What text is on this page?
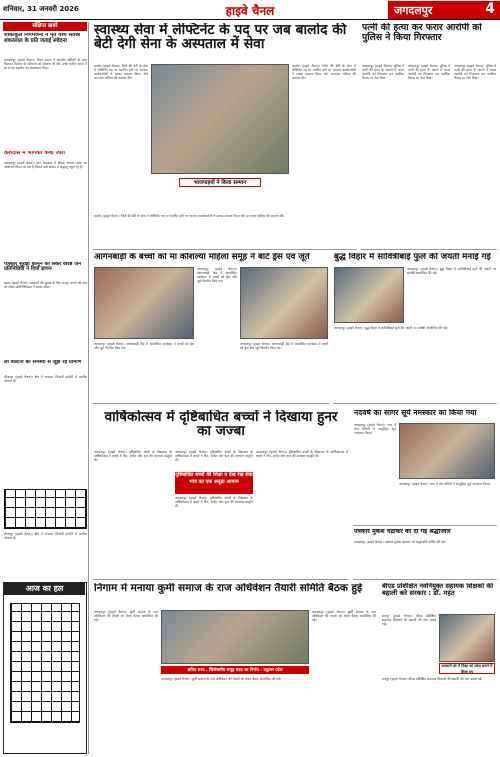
शनिवार, 31 जनवरी 2026	हाइवे चैनल	जगदलपुर	4
संक्षिप्त खबरें
शोकाकुल निगमजनों ने मृत वैश्य सर्वश्री शंकरलाल के प्रति जताई संवेदना
जगदलपुर (हाइवे चैनल)। निगम स्टाफ ने स्थानीय श्रमिकों के साथ मिलकर दिवंगत के परिजनों को सांत्वना दी और उनके कठिन समय में हर संभव सहयोग का आश्वासन दिया।
केशदास में भागवत कथा जारी
जगदलपुर (हाइवे चैनल)। ग्राम केशदास में श्रीमद् भागवत कथा का आयोजन किया जा रहा है जिसमें बड़ी संख्या में श्रद्धालु पहुंच रहे हैं।
पत्रकार सुरक्षा कानून को लेकर वरिष्ठ जन प्रतिनिधियों ने दिया ज्ञापन
बस्तर (हाइवे चैनल)। पत्रकारों की सुरक्षा के लिए कानून बनाने की मांग को लेकर प्रतिनिधिमंडल ने ज्ञापन सौंपा।
लो वोल्टेज की समस्या से जूझ रहे ग्रामीण
बीजापुर (हाइवे चैनल)। क्षेत्र में लगातार बिजली कटौती से ग्रामीण परेशान हैं।
बीजापुर (हाइवे चैनल)। क्षेत्र में लगातार बिजली कटौती से ग्रामीण परेशान हैं।
आज का हल
स्वास्थ्य सेवा में लेफ्टिनेंट के पद पर जब बालोद की बेटी देगी सेना के अस्पताल में सेवा
बालोद (हाइवे चैनल)। जिले की बेटी के सेना में लेफ्टिनेंट पद पर चयनित होने पर भाजपा कार्यकर्ताओं ने उनका सम्मान किया और उज्ज्वल भविष्य की कामना की।
बालोद (हाइवे चैनल)। जिले की बेटी के सेना में लेफ्टिनेंट पद पर चयनित होने पर भाजपा कार्यकर्ताओं ने उनका सम्मान किया और उज्ज्वल भविष्य की कामना की।
भाजपाइयों ने किया सम्मान
बालोद (हाइवे चैनल)। जिले की बेटी के सेना में लेफ्टिनेंट पद पर चयनित होने पर भाजपा कार्यकर्ताओं ने उनका सम्मान किया और उज्ज्वल भविष्य की कामना की।
पत्नी की हत्या कर फरार आरोपी को पुलिस ने किया गिरफ्तार
जगदलपुर (हाइवे चैनल)। पुलिस ने पत्नी की हत्या के मामले में फरार आरोपी को गिरफ्तार कर न्यायिक रिमांड पर भेज दिया।
जगदलपुर (हाइवे चैनल)। पुलिस ने पत्नी की हत्या के मामले में फरार आरोपी को गिरफ्तार कर न्यायिक रिमांड पर भेज दिया।
जगदलपुर (हाइवे चैनल)। पुलिस ने पत्नी की हत्या के मामले में फरार आरोपी को गिरफ्तार कर न्यायिक रिमांड पर भेज दिया।
आंगनबाड़ी के बच्चों को मां कौशल्या महिला समूह ने बांटे ड्रेस एवं जूते
जगदलपुर (हाइवे चैनल)। आंगनबाड़ी केंद्र में आयोजित कार्यक्रम में बच्चों को ड्रेस और जूते वितरित किए गए।
जगदलपुर (हाइवे चैनल)। आंगनबाड़ी केंद्र में आयोजित कार्यक्रम में बच्चों को ड्रेस और जूते वितरित किए गए।
जगदलपुर (हाइवे चैनल)। आंगनबाड़ी केंद्र में आयोजित कार्यक्रम में बच्चों को ड्रेस और जूते वितरित किए गए।
बुद्ध विहार में सावित्रीबाई फुले की जयंती मनाई गई
जगदलपुर (हाइवे चैनल)। बुद्ध विहार में सावित्रीबाई फुले की जयंती पर संगोष्ठी आयोजित की गई।
जगदलपुर (हाइवे चैनल)। बुद्ध विहार में सावित्रीबाई फुले की जयंती पर संगोष्ठी आयोजित की गई।
वार्षिकोत्सव में दृष्टिबाधित बच्चों ने दिखाया हुनर का जज्बा
जगदलपुर (हाइवे चैनल)। दृष्टिबाधित बच्चों के विद्यालय के वार्षिकोत्सव में बच्चों ने गीत, संगीत और नृत्य की शानदार प्रस्तुति दी।
जगदलपुर (हाइवे चैनल)। दृष्टिबाधित बच्चों के विद्यालय के वार्षिकोत्सव में बच्चों ने गीत, संगीत और नृत्य की शानदार प्रस्तुति दी।
दृष्टिबाधित बच्चों की शिक्षा व देख रेख सेवा भाव का एक अनूठा आयाम
जगदलपुर (हाइवे चैनल)। दृष्टिबाधित बच्चों के विद्यालय के वार्षिकोत्सव में बच्चों ने गीत, संगीत और नृत्य की शानदार प्रस्तुति दी।
जगदलपुर (हाइवे चैनल)। दृष्टिबाधित बच्चों के विद्यालय के वार्षिकोत्सव में बच्चों ने गीत, संगीत और नृत्य की शानदार प्रस्तुति दी।
नदवर्ष का सागर सूर्य नमस्कार का किया गया
जगदलपुर (हाइवे चैनल)। नगर में योग प्रेमियों ने सामूहिक सूर्य नमस्कार किया।
जगदलपुर (हाइवे चैनल)। नगर में योग प्रेमियों ने सामूहिक सूर्य नमस्कार किया।
पत्रकार मुकेश चंद्राकर को दी गई श्रद्धांजलि
जगदलपुर (हाइवे चैनल)। पत्रकार मुकेश चंद्राकर को श्रद्धांजलि अर्पित की गई।
निगाम में मनाया कुर्मी समाज के राज अधिवेशन तैयारी समिति बैठक हुई
जगदलपुर (हाइवे चैनल)। कुर्मी समाज के राज अधिवेशन की तैयारी को लेकर बैठक आयोजित की गई।
क्षत्रिय सभा , जिलेस्तरीय समूह मदद का निर्णय - प्रफुल्ल पटेल
जगदलपुर (हाइवे चैनल)। कुर्मी समाज के राज अधिवेशन की तैयारी को लेकर बैठक आयोजित की गई।
जगदलपुर (हाइवे चैनल)। कुर्मी समाज के राज अधिवेशन की तैयारी को लेकर बैठक आयोजित की गई।
बीएड प्रशिक्षित नवनियुक्त सहायक शिक्षकों की बहाली करे सरकार : डॉ. महंत
रायपुर (हाइवे चैनल)। बीएड प्रशिक्षित सहायक शिक्षकों की बहाली की मांग उठाई गई।
सरकारी को में शिक्षा को प्रदेश बनाने में शिक्षा प्रय
रायपुर (हाइवे चैनल)। बीएड प्रशिक्षित सहायक शिक्षकों की बहाली की मांग उठाई गई।
